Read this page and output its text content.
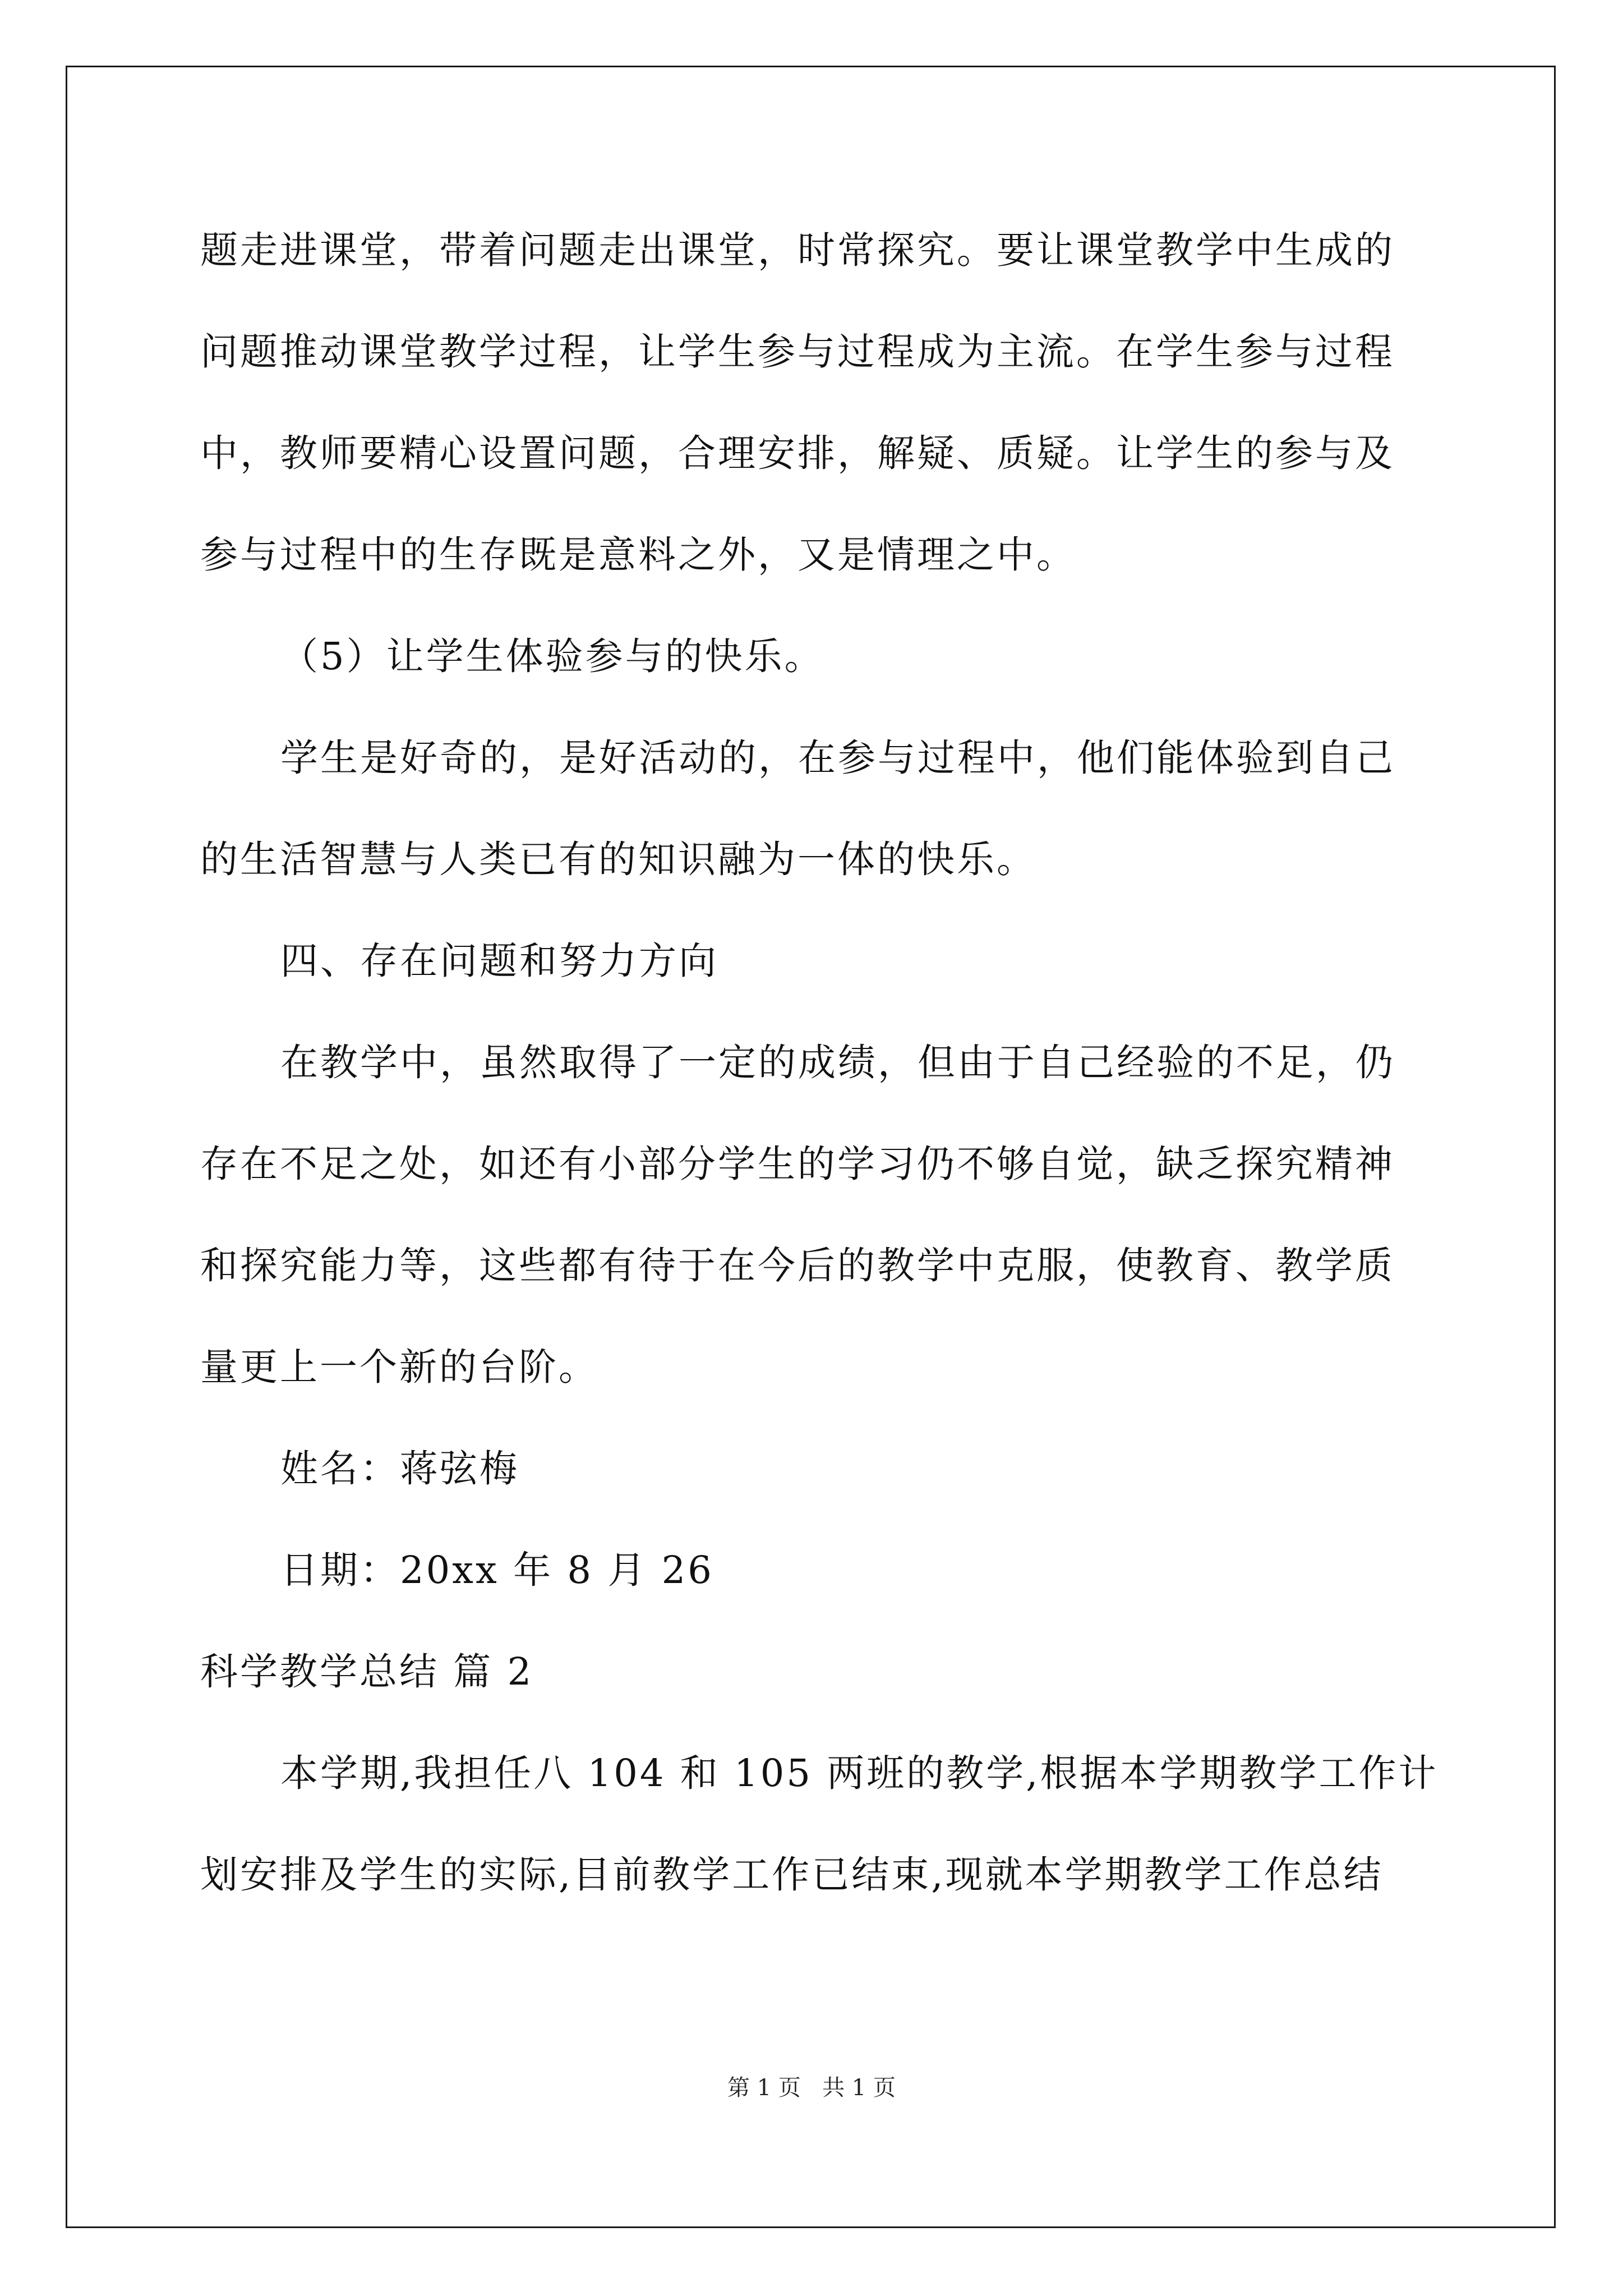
题走进课堂，带着问题走出课堂，时常探究。要让课堂教学中生成的
问题推动课堂教学过程，让学生参与过程成为主流。在学生参与过程
中，教师要精心设置问题，合理安排，解疑、质疑。让学生的参与及
参与过程中的生存既是意料之外，又是情理之中。
（5）让学生体验参与的快乐。
学生是好奇的，是好活动的，在参与过程中，他们能体验到自己
的生活智慧与人类已有的知识融为一体的快乐。
四、存在问题和努力方向
在教学中，虽然取得了一定的成绩，但由于自己经验的不足，仍
存在不足之处，如还有小部分学生的学习仍不够自觉，缺乏探究精神
和探究能力等，这些都有待于在今后的教学中克服，使教育、教学质
量更上一个新的台阶。
姓名：蒋弦梅
日期：20xx 年 8 月 26
科学教学总结 篇 2
本学期,我担任八 104 和 105 两班的教学,根据本学期教学工作计
划安排及学生的实际,目前教学工作已结束,现就本学期教学工作总结
第 1 页   共 1 页
